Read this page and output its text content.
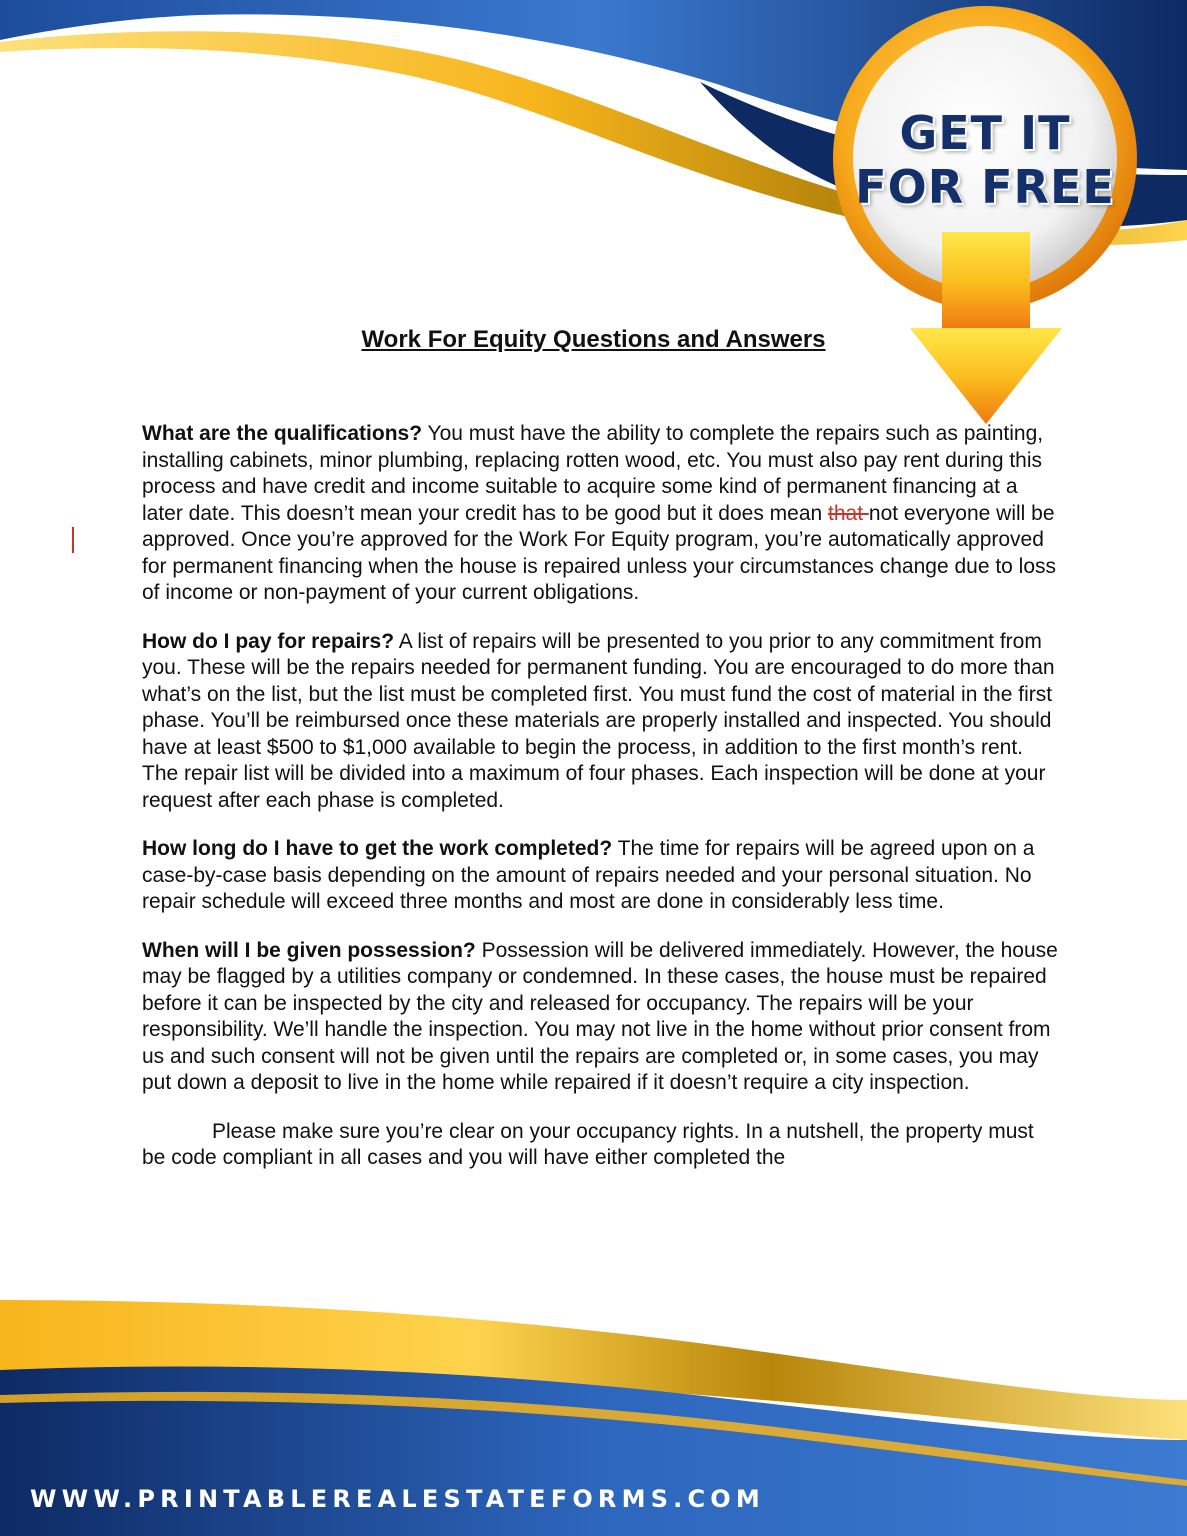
GET IT
FOR FREE
Work For Equity Questions and Answers

What are the qualifications? You must have the ability to complete the repairs such as painting, installing cabinets, minor plumbing, replacing rotten wood, etc. You must also pay rent during this process and have credit and income suitable to acquire some kind of permanent financing at a later date. This doesn’t mean your credit has to be good but it does mean that not everyone will be approved. Once you’re approved for the Work For Equity program, you’re automatically approved for permanent financing when the house is repaired unless your circumstances change due to loss of income or non-payment of your current obligations.

How do I pay for repairs? A list of repairs will be presented to you prior to any commitment from you. These will be the repairs needed for permanent funding. You are encouraged to do more than what’s on the list, but the list must be completed first. You must fund the cost of material in the first phase. You’ll be reimbursed once these materials are properly installed and inspected. You should have at least $500 to $1,000 available to begin the process, in addition to the first month’s rent. The repair list will be divided into a maximum of four phases. Each inspection will be done at your request after each phase is completed.

How long do I have to get the work completed? The time for repairs will be agreed upon on a case-by-case basis depending on the amount of repairs needed and your personal situation. No repair schedule will exceed three months and most are done in considerably less time.

When will I be given possession? Possession will be delivered immediately. However, the house may be flagged by a utilities company or condemned. In these cases, the house must be repaired before it can be inspected by the city and released for occupancy. The repairs will be your responsibility. We’ll handle the inspection. You may not live in the home without prior consent from us and such consent will not be given until the repairs are completed or, in some cases, you may put down a deposit to live in the home while repaired if it doesn’t require a city inspection.

Please make sure you’re clear on your occupancy rights. In a nutshell, the property must be code compliant in all cases and you will have either completed the

WWW.PRINTABLEREALESTATEFORMS.COM
